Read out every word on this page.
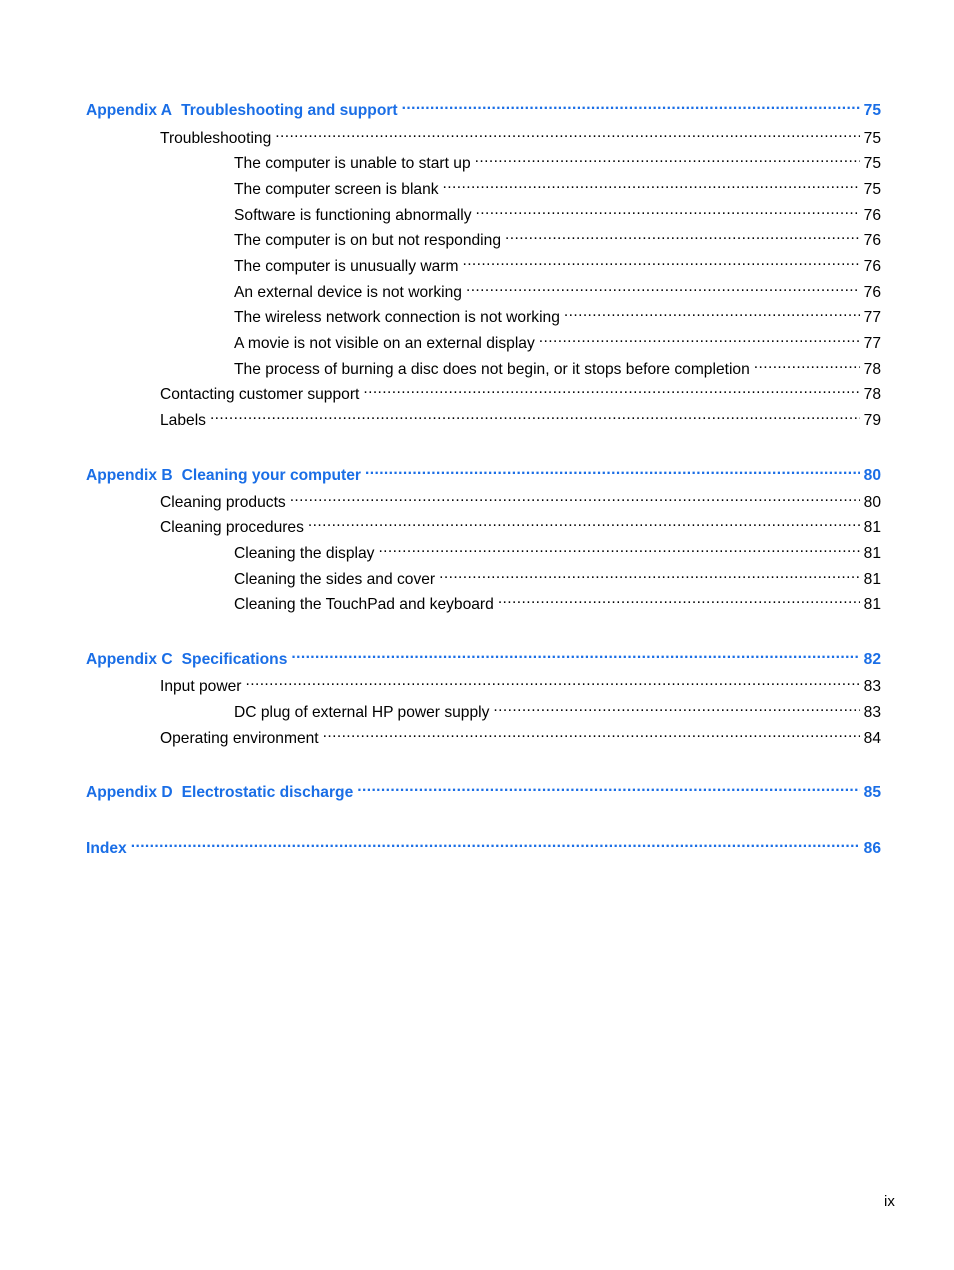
Appendix A Troubleshooting and support .....	75
Troubleshooting .....	75
The computer is unable to start up .....	75
The computer screen is blank .....	75
Software is functioning abnormally .....	76
The computer is on but not responding .....	76
The computer is unusually warm .....	76
An external device is not working .....	76
The wireless network connection is not working .....	77
A movie is not visible on an external display .....	77
The process of burning a disc does not begin, or it stops before completion .....	78
Contacting customer support .....	78
Labels .....	79
Appendix B Cleaning your computer .....	80
Cleaning products .....	80
Cleaning procedures .....	81
Cleaning the display .....	81
Cleaning the sides and cover .....	81
Cleaning the TouchPad and keyboard .....	81
Appendix C Specifications .....	82
Input power .....	83
DC plug of external HP power supply .....	83
Operating environment .....	84
Appendix D Electrostatic discharge .....	85
Index .....	86
ix
